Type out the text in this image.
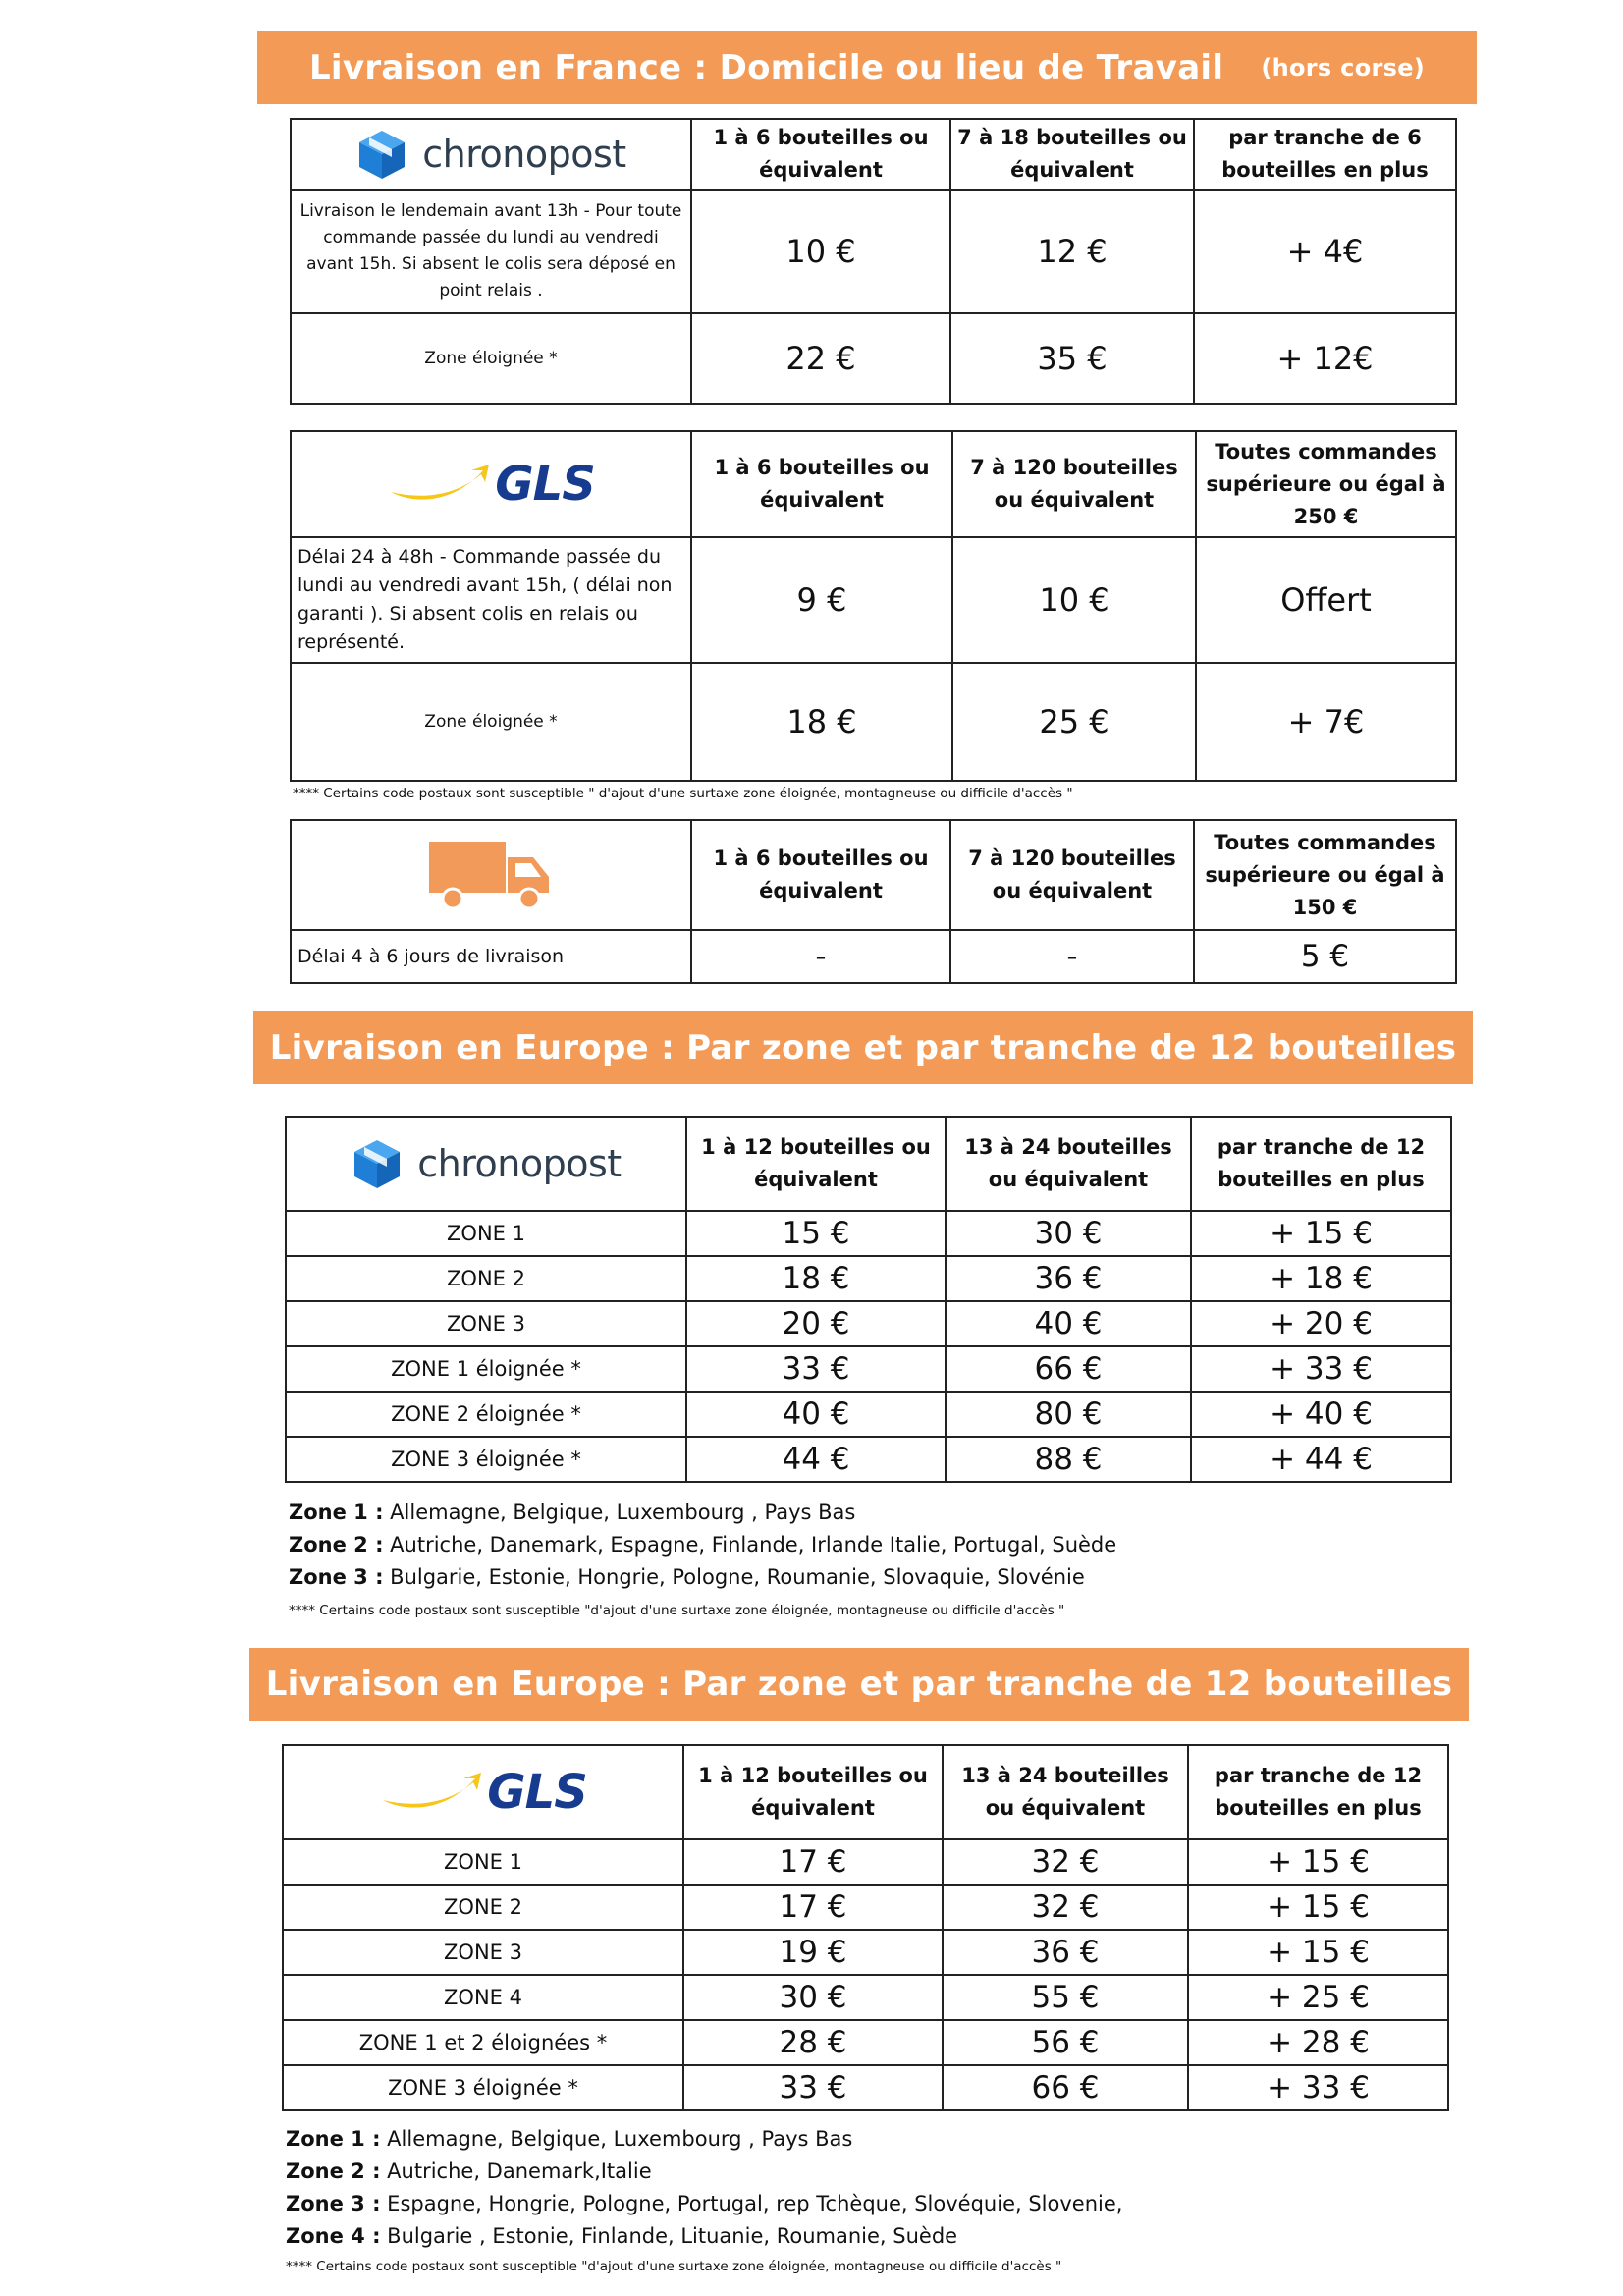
Livraison en France : Domicile ou lieu de Travail (hors corse)
chronopost	1 à 6 bouteilles ou équivalent	7 à 18 bouteilles ou équivalent	par tranche de 6 bouteilles en plus
Livraison le lendemain avant 13h - Pour toute commande passée du lundi au vendredi avant 15h. Si absent le colis sera déposé en point relais .	10 €	12 €	+ 4€
Zone éloignée *	22 €	35 €	+ 12€
GLS	1 à 6 bouteilles ou équivalent	7 à 120 bouteilles ou équivalent	Toutes commandes supérieure ou égal à 250 €
Délai 24 à 48h - Commande passée du lundi au vendredi avant 15h, ( délai non garanti ). Si absent colis en relais ou représenté.	9 €	10 €	Offert
Zone éloignée *	18 €	25 €	+ 7€
**** Certains code postaux sont susceptible " d'ajout d'une surtaxe zone éloignée, montagneuse ou difficile d'accès "
	1 à 6 bouteilles ou équivalent	7 à 120 bouteilles ou équivalent	Toutes commandes supérieure ou égal à 150 €
Délai 4 à 6 jours de livraison	-	-	5 €
Livraison en Europe : Par zone et par tranche de 12 bouteilles
chronopost	1 à 12 bouteilles ou équivalent	13 à 24 bouteilles ou équivalent	par tranche de 12 bouteilles en plus
ZONE 1	15 €	30 €	+ 15 €
ZONE 2	18 €	36 €	+ 18 €
ZONE 3	20 €	40 €	+ 20 €
ZONE 1 éloignée *	33 €	66 €	+ 33 €
ZONE 2 éloignée *	40 €	80 €	+ 40 €
ZONE 3 éloignée *	44 €	88 €	+ 44 €
Zone 1 : Allemagne, Belgique, Luxembourg , Pays Bas
Zone 2 : Autriche, Danemark, Espagne, Finlande, Irlande Italie, Portugal, Suède
Zone 3 : Bulgarie, Estonie, Hongrie, Pologne, Roumanie, Slovaquie, Slovénie
**** Certains code postaux sont susceptible "d'ajout d'une surtaxe zone éloignée, montagneuse ou difficile d'accès "
Livraison en Europe : Par zone et par tranche de 12 bouteilles
GLS	1 à 12 bouteilles ou équivalent	13 à 24 bouteilles ou équivalent	par tranche de 12 bouteilles en plus
ZONE 1	17 €	32 €	+ 15 €
ZONE 2	17 €	32 €	+ 15 €
ZONE 3	19 €	36 €	+ 15 €
ZONE 4	30 €	55 €	+ 25 €
ZONE 1 et 2 éloignées *	28 €	56 €	+ 28 €
ZONE 3 éloignée *	33 €	66 €	+ 33 €
Zone 1 : Allemagne, Belgique, Luxembourg , Pays Bas
Zone 2 : Autriche, Danemark,Italie
Zone 3 : Espagne, Hongrie, Pologne, Portugal, rep Tchèque, Slovéquie, Slovenie,
Zone 4 : Bulgarie , Estonie, Finlande, Lituanie, Roumanie, Suède
**** Certains code postaux sont susceptible "d'ajout d'une surtaxe zone éloignée, montagneuse ou difficile d'accès "
